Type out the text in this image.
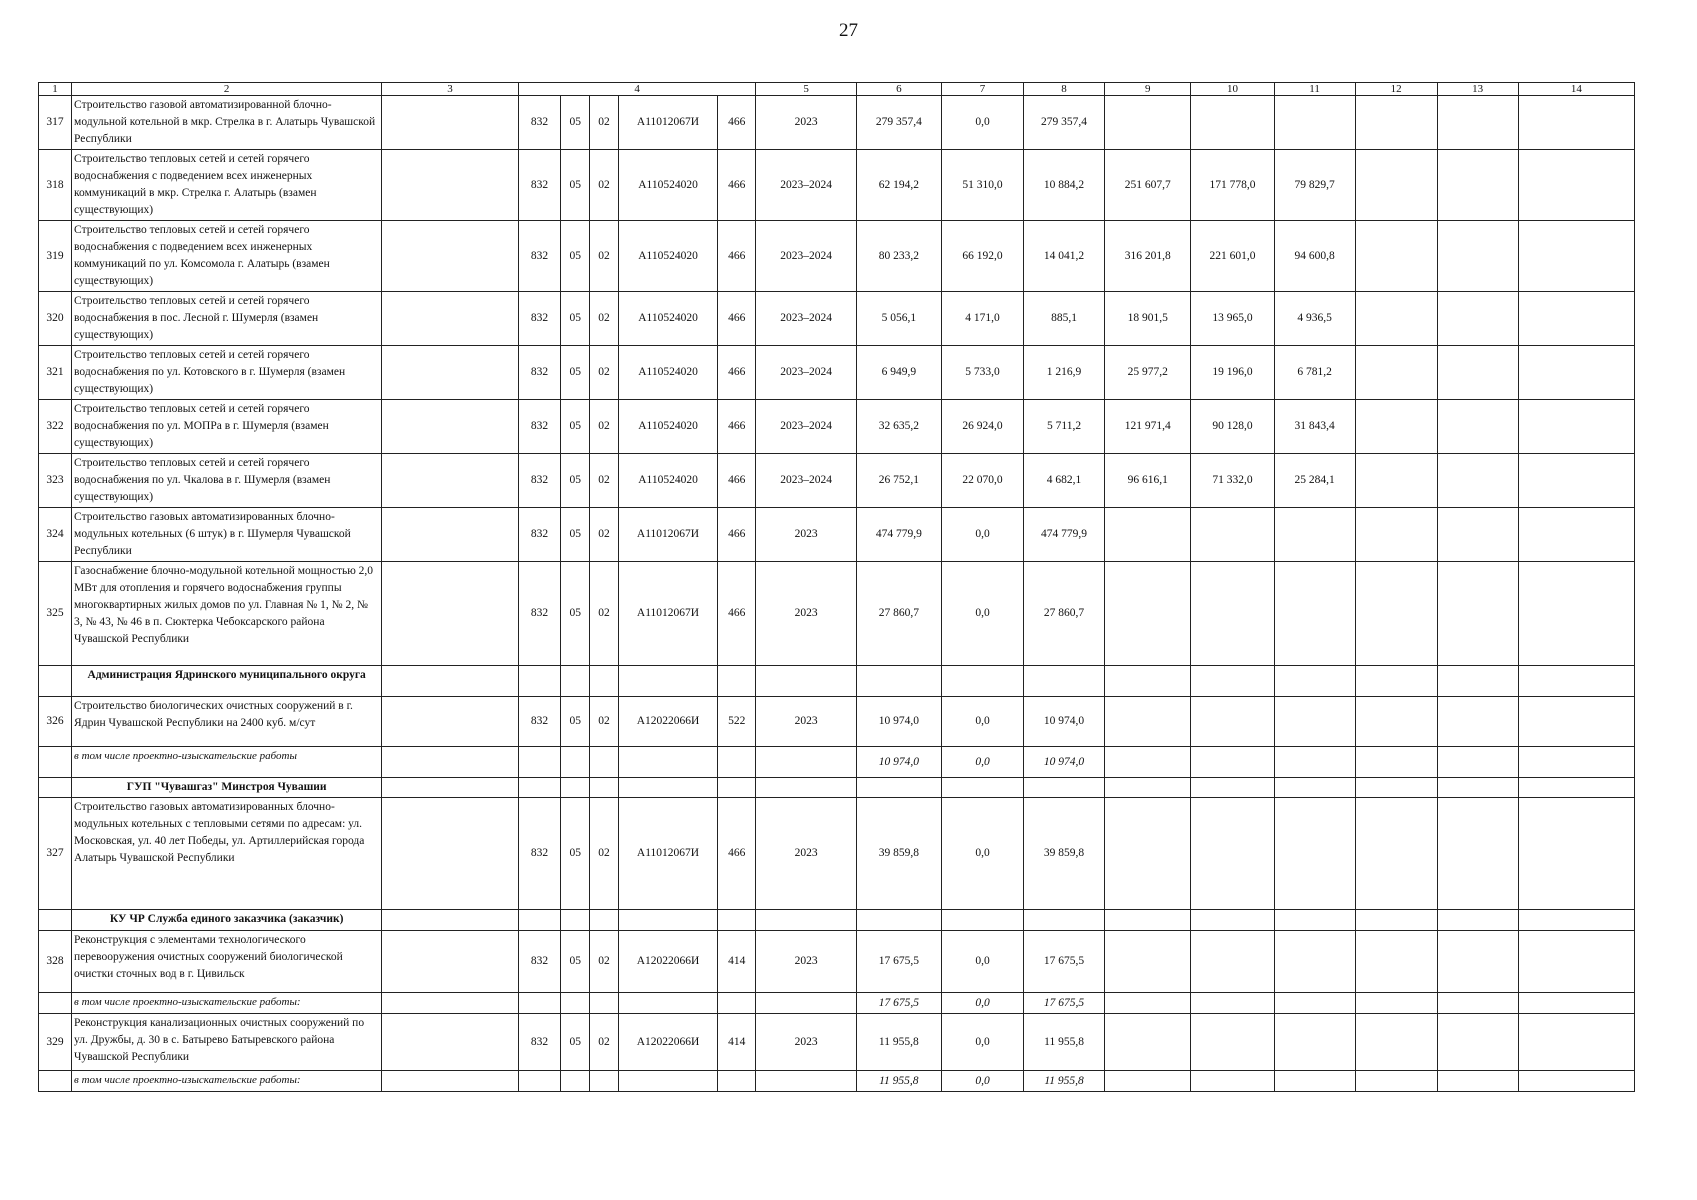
27
1	2	3	4					5	6	7	8	9	10	11	12	13	14
317	Строительство газовой автоматизированной блочно-модульной котельной в мкр. Стрелка в г. Алатырь Чувашской Республики		832	05	02	А11012067И	466	2023	279 357,4	0,0	279 357,4						
318	Строительство тепловых сетей и сетей горячего водоснабжения с подведением всех инженерных коммуникаций в мкр. Стрелка г. Алатырь (взамен существующих)		832	05	02	А110524020	466	2023–2024	62 194,2	51 310,0	10 884,2	251 607,7	171 778,0	79 829,7			
319	Строительство тепловых сетей и сетей горячего водоснабжения с подведением всех инженерных коммуникаций по ул. Комсомола г. Алатырь (взамен существующих)		832	05	02	А110524020	466	2023–2024	80 233,2	66 192,0	14 041,2	316 201,8	221 601,0	94 600,8			
320	Строительство тепловых сетей и сетей горячего водоснабжения в пос. Лесной г. Шумерля (взамен существующих)		832	05	02	А110524020	466	2023–2024	5 056,1	4 171,0	885,1	18 901,5	13 965,0	4 936,5			
321	Строительство тепловых сетей и сетей горячего водоснабжения по ул. Котовского в г. Шумерля (взамен существующих)		832	05	02	А110524020	466	2023–2024	6 949,9	5 733,0	1 216,9	25 977,2	19 196,0	6 781,2			
322	Строительство тепловых сетей и сетей горячего водоснабжения по ул. МОПРа в г. Шумерля (взамен существующих)		832	05	02	А110524020	466	2023–2024	32 635,2	26 924,0	5 711,2	121 971,4	90 128,0	31 843,4			
323	Строительство тепловых сетей и сетей горячего водоснабжения по ул. Чкалова в г. Шумерля (взамен существующих)		832	05	02	А110524020	466	2023–2024	26 752,1	22 070,0	4 682,1	96 616,1	71 332,0	25 284,1			
324	Строительство газовых автоматизированных блочно-модульных котельных (6 штук) в г. Шумерля Чувашской Республики		832	05	02	А11012067И	466	2023	474 779,9	0,0	474 779,9						
325	Газоснабжение блочно-модульной котельной мощностью 2,0 МВт для отопления и горячего водоснабжения группы многоквартирных жилых домов по ул. Главная № 1, № 2, № 3, № 43, № 46 в п. Сюктерка Чебоксарского района Чувашской Республики		832	05	02	А11012067И	466	2023	27 860,7	0,0	27 860,7						
	Администрация Ядринского муниципального округа																
326	Строительство биологических очистных сооружений в г. Ядрин Чувашской Республики на 2400 куб. м/сут		832	05	02	А12022066И	522	2023	10 974,0	0,0	10 974,0						
	в том числе проектно-изыскательские работы								10 974,0	0,0	10 974,0						
	ГУП "Чувашгаз" Минстроя Чувашии																
327	Строительство газовых автоматизированных блочно-модульных котельных с тепловыми сетями по адресам: ул. Московская, ул. 40 лет Победы, ул. Артиллерийская города Алатырь Чувашской Республики		832	05	02	А11012067И	466	2023	39 859,8	0,0	39 859,8						
	КУ ЧР Служба единого заказчика (заказчик)																
328	Реконструкция с элементами технологического перевооружения очистных сооружений биологической очистки сточных вод в г. Цивильск		832	05	02	А12022066И	414	2023	17 675,5	0,0	17 675,5						
	в том числе проектно-изыскательские работы:								17 675,5	0,0	17 675,5						
329	Реконструкция канализационных очистных сооружений по ул. Дружбы, д. 30 в с. Батырево Батыревского района Чувашской Республики		832	05	02	А12022066И	414	2023	11 955,8	0,0	11 955,8						
	в том числе проектно-изыскательские работы:								11 955,8	0,0	11 955,8						
